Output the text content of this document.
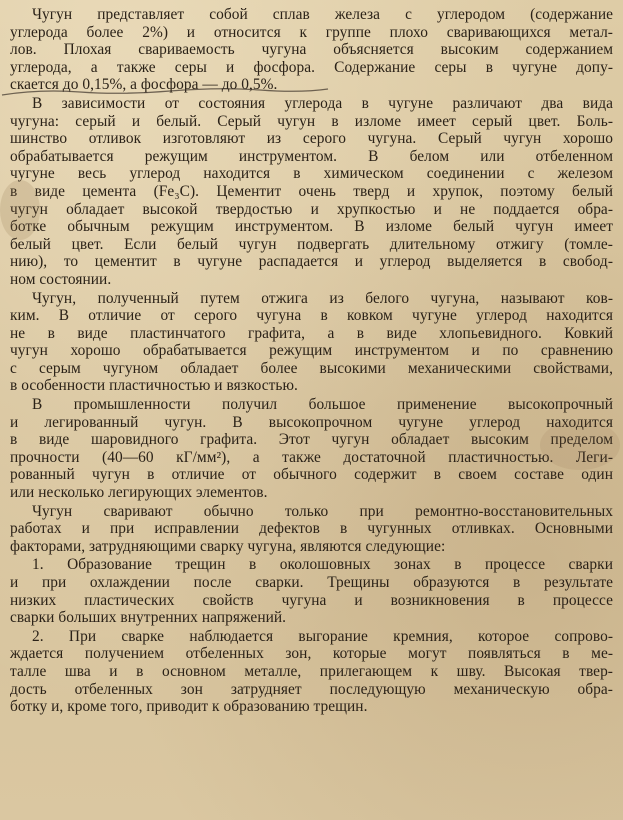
Чугун представляет собой сплав железа с углеродом (содержание

углерода более 2%) и относится к группе плохо сваривающихся метал-

лов. Плохая свариваемость чугуна объясняется высоким содержанием

углерода, а также серы и фосфора. Содержание серы в чугуне допу-

скается до 0,15%, а фосфора — до 0,5%.

В зависимости от состояния углерода в чугуне различают два вида

чугуна: серый и белый. Серый чугун в изломе имеет серый цвет. Боль-

шинство отливок изготовляют из серого чугуна. Серый чугун хорошо

обрабатывается режущим инструментом. В белом или отбеленном

чугуне весь углерод находится в химическом соединении с железом

в виде цемента (Fe₃C). Цементит очень тверд и хрупок, поэтому белый

чугун обладает высокой твердостью и хрупкостью и не поддается обра-

ботке обычным режущим инструментом. В изломе белый чугун имеет

белый цвет. Если белый чугун подвергать длительному отжигу (томле-

нию), то цементит в чугуне распадается и углерод выделяется в свобод-

ном состоянии.

Чугун, полученный путем отжига из белого чугуна, называют ков-

ким. В отличие от серого чугуна в ковком чугуне углерод находится

не в виде пластинчатого графита, а в виде хлопьевидного. Ковкий

чугун хорошо обрабатывается режущим инструментом и по сравнению

с серым чугуном обладает более высокими механическими свойствами,

в особенности пластичностью и вязкостью.

В промышленности получил большое применение высокопрочный

и легированный чугун. В высокопрочном чугуне углерод находится

в виде шаровидного графита. Этот чугун обладает высоким пределом

прочности (40—60 кГ/мм²), а также достаточной пластичностью. Леги-

рованный чугун в отличие от обычного содержит в своем составе один

или несколько легирующих элементов.

Чугун сваривают обычно только при ремонтно-восстановительных

работах и при исправлении дефектов в чугунных отливках. Основными

факторами, затрудняющими сварку чугуна, являются следующие:

1. Образование трещин в околошовных зонах в процессе сварки

и при охлаждении после сварки. Трещины образуются в результате

низких пластических свойств чугуна и возникновения в процессе

сварки больших внутренних напряжений.

2. При сварке наблюдается выгорание кремния, которое сопрово-

ждается получением отбеленных зон, которые могут появляться в ме-

талле шва и в основном металле, прилегающем к шву. Высокая твер-

дость отбеленных зон затрудняет последующую механическую обра-

ботку и, кроме того, приводит к образованию трещин.
